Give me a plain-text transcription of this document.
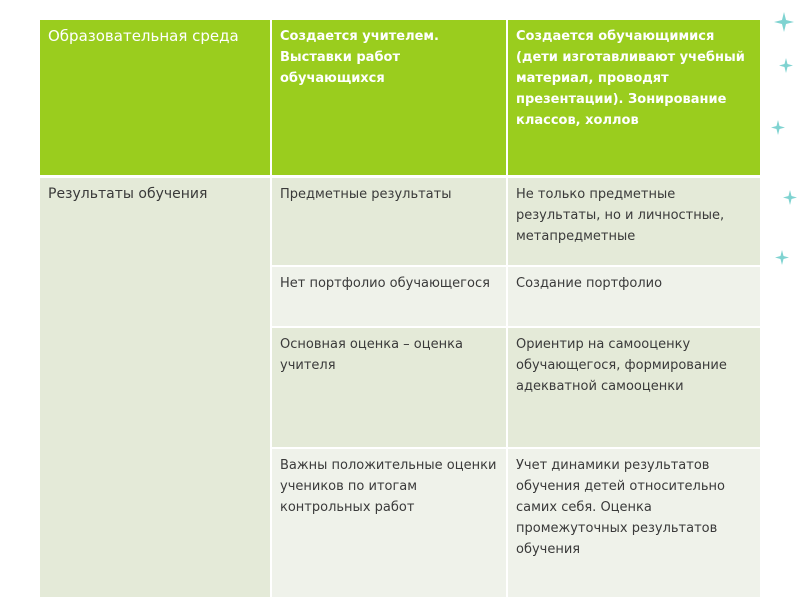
Образовательная среда	Создается учителем. Выставки работ обучающихся	Создается обучающимися (дети изготавливают учебный материал, проводят презентации). Зонирование классов, холлов
Результаты обучения	Предметные результаты	Не только предметные результаты, но и личностные, метапредметные
	Нет портфолио обучающегося	Создание портфолио
	Основная оценка – оценка учителя	Ориентир на самооценку обучающегося, формирование адекватной самооценки
	Важны положительные оценки учеников по итогам контрольных работ	Учет динамики результатов обучения детей относительно самих себя. Оценка промежуточных результатов обучения
